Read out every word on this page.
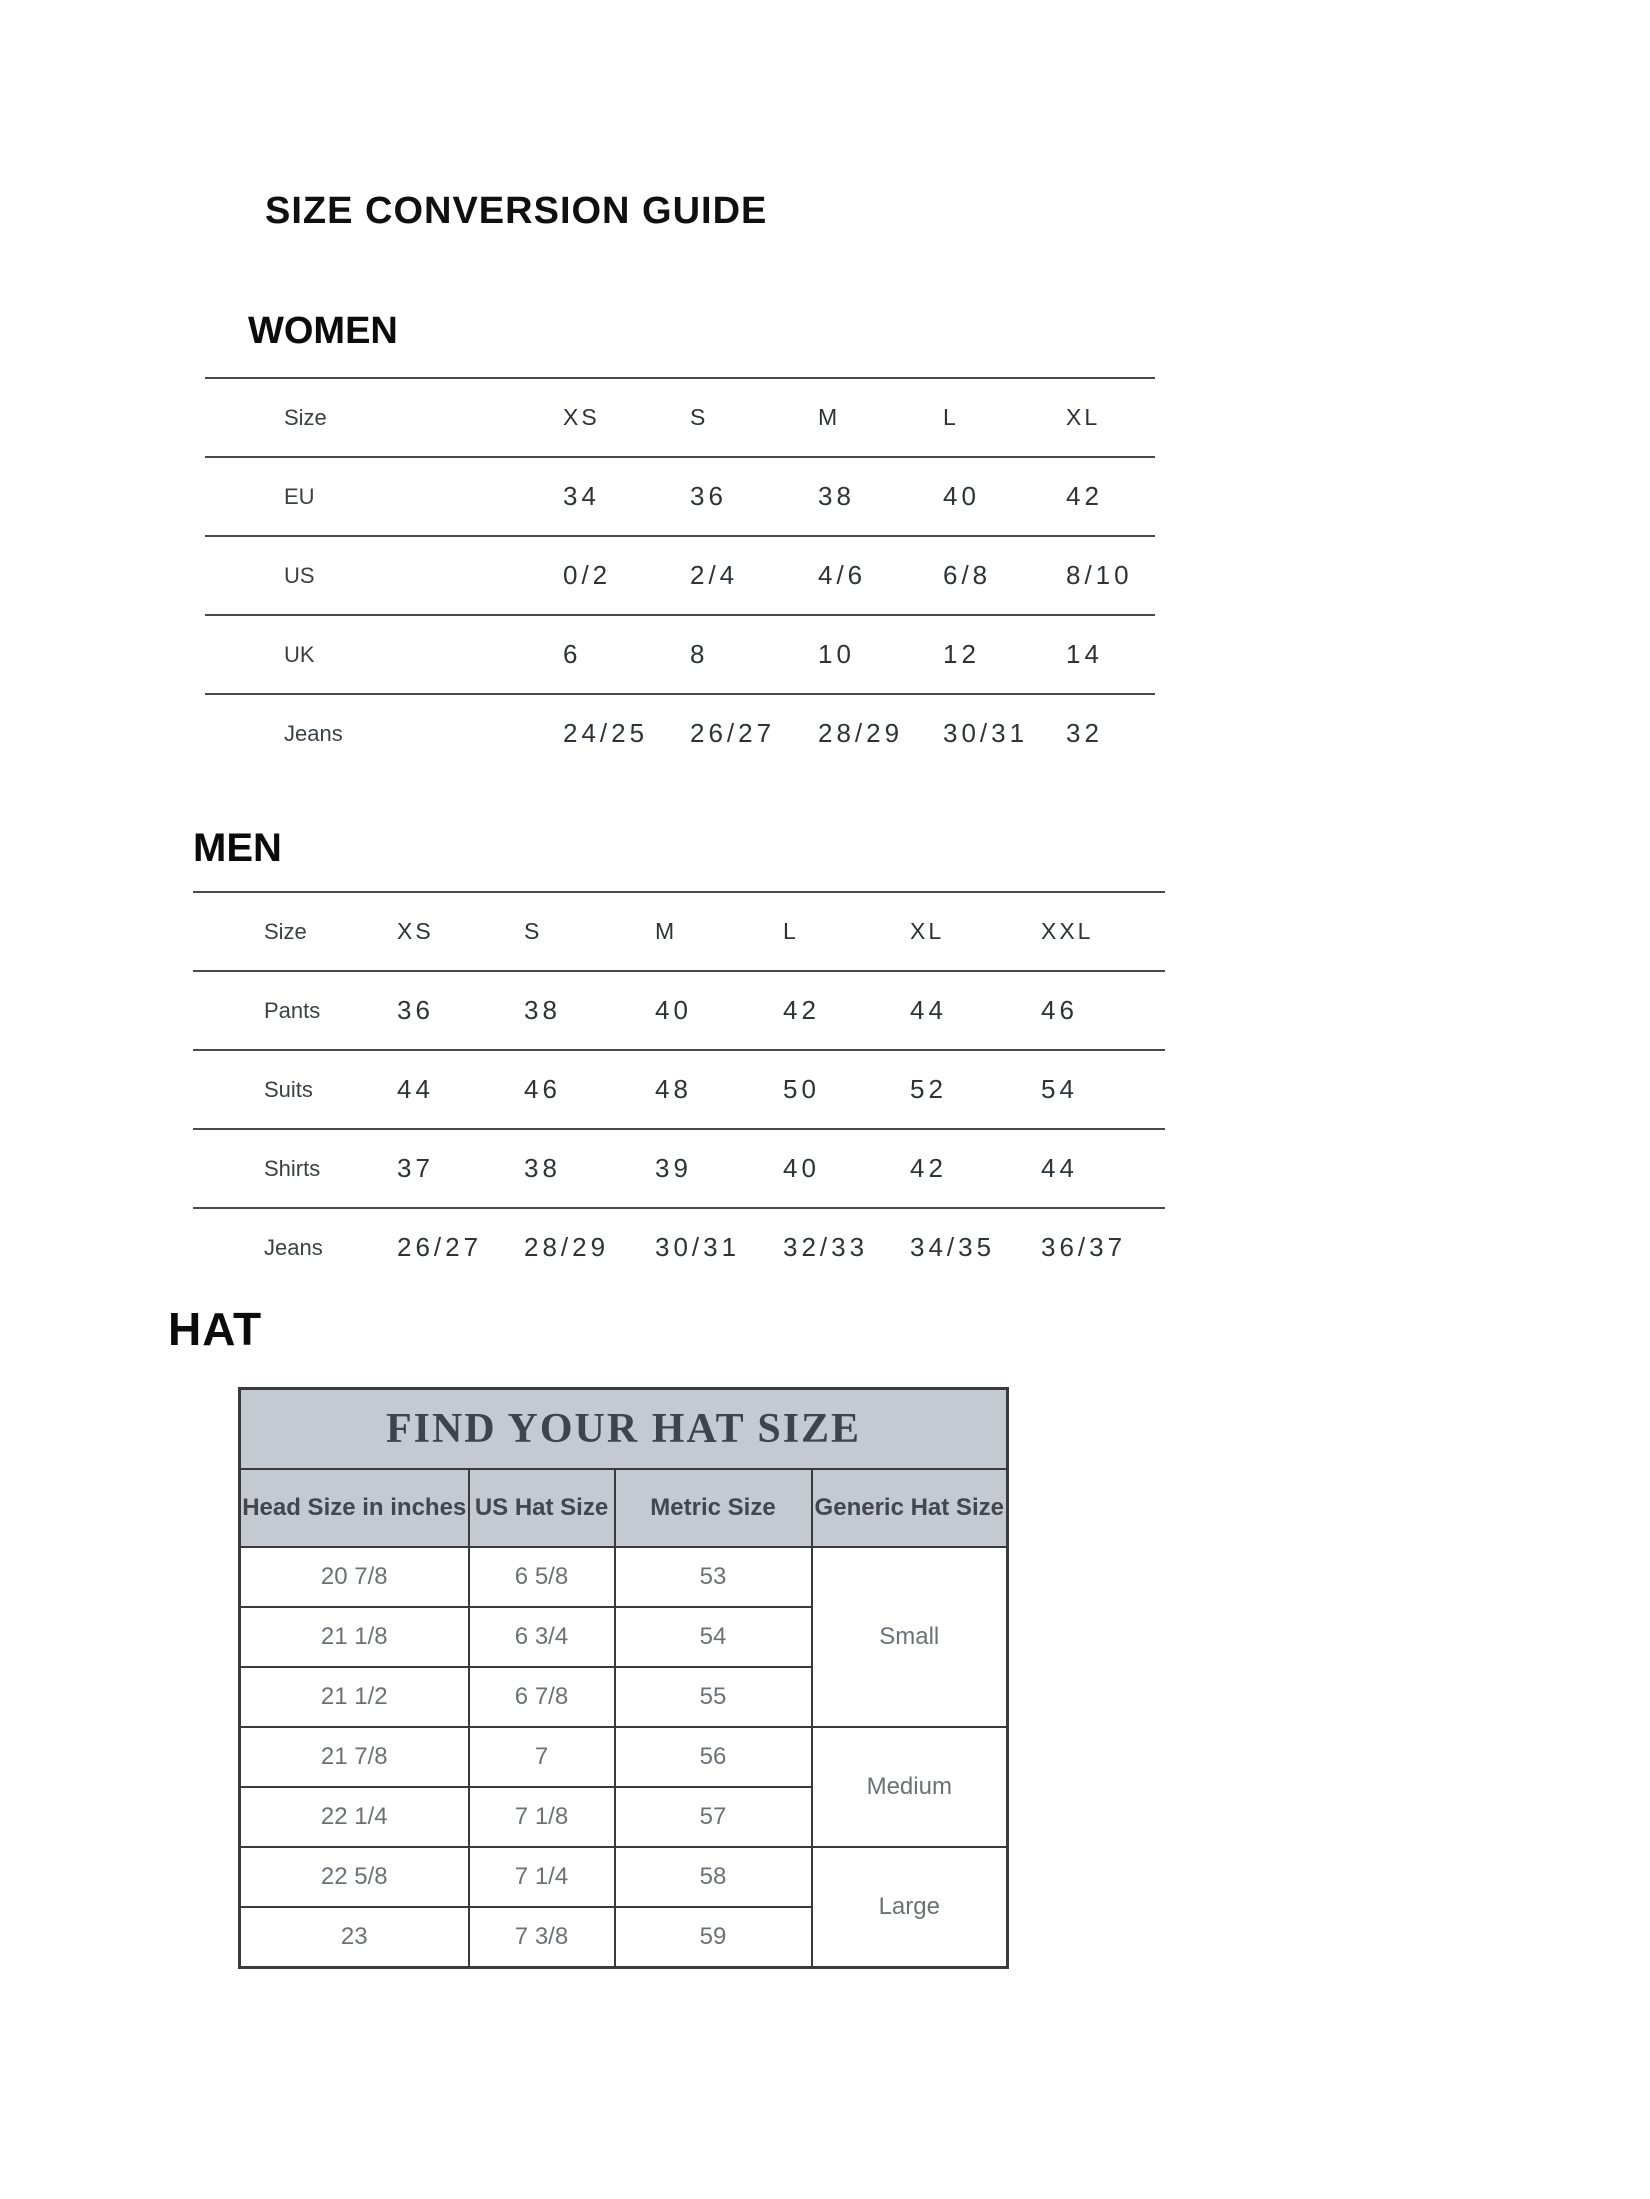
SIZE CONVERSION GUIDE
WOMEN
Size	XS	S	M	L	XL
EU	34	36	38	40	42
US	0/2	2/4	4/6	6/8	8/10
UK	6	8	10	12	14
Jeans	24/25	26/27	28/29	30/31	32
MEN
Size	XS	S	M	L	XL	XXL
Pants	36	38	40	42	44	46
Suits	44	46	48	50	52	54
Shirts	37	38	39	40	42	44
Jeans	26/27	28/29	30/31	32/33	34/35	36/37
HAT
FIND YOUR HAT SIZE			
Head Size in inches	US Hat Size	Metric Size	Generic Hat Size
20 7/8	6 5/8	53	Small
21 1/8	6 3/4	54	
21 1/2	6 7/8	55	
21 7/8	7	56	Medium
22 1/4	7 1/8	57	
22 5/8	7 1/4	58	Large
23	7 3/8	59	
